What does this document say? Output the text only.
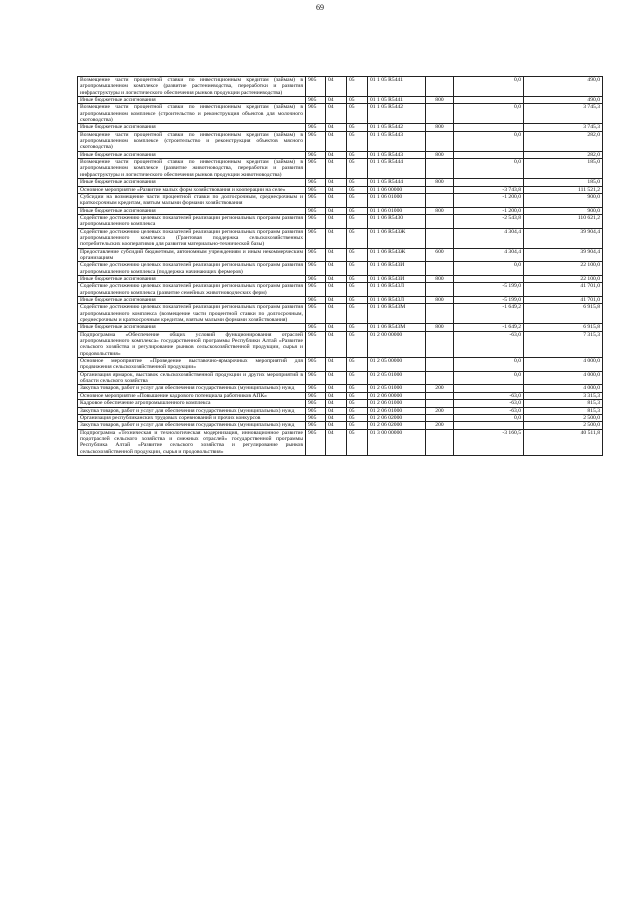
69
Возмещение части процентной ставки по инвестиционным кредитам (займам) в агропромышленном комплексе (развитие растениеводства, переработки и развития инфраструктуры и логистического обеспечения рынков продукции растениеводства)	905	04	05	01 1 05 R5441		0,0	490,0
Иные бюджетные ассигнования	905	04	05	01 1 05 R5441	800		490,0
Возмещение части процентной ставки по инвестиционным кредитам (займам) в агропромышленном комплексе (строительство и реконструкция объектов для молочного скотоводства)	905	04	05	01 1 05 R5442		0,0	3 745,3
Иные бюджетные ассигнования	905	04	05	01 1 05 R5442	800		3 745,3
Возмещение части процентной ставки по инвестиционным кредитам (займам) в агропромышленном комплексе (строительство и реконструкция объектов мясного скотоводства)	905	04	05	01 1 05 R5443		0,0	282,0
Иные бюджетные ассигнования	905	04	05	01 1 05 R5443	800		282,0
Возмещение части процентной ставки по инвестиционным кредитам (займам) в агропромышленном комплексе (развитие животноводства, переработки и развития инфраструктуры и логистического обеспечения рынков продукции животноводства)	905	04	05	01 1 05 R5444		0,0	185,0
Иные бюджетные ассигнования	905	04	05	01 1 05 R5444	800		185,0
Основное мероприятие «Развитие малых форм хозяйствования и кооперации на селе»	905	04	05	01 1 06 00000		-3 743,8	111 521,2
Субсидии на возмещение части процентной ставки по долгосрочным, среднесрочным и краткосрочным кредитам, взятым малыми формами хозяйствования	905	04	05	01 1 06 01000		-1 200,0	900,0
Иные бюджетные ассигнования	905	04	05	01 1 06 01000	800	-1 200,0	900,0
Содействие достижению целевых показателей реализации региональных программ развития агропромышленного комплекса	905	04	05	01 1 06 R5430		-2 543,8	110 621,2
Содействие достижению целевых показателей реализации региональных программ развития агропромышленного комплекса (Грантовая поддержка сельскохозяйственных потребительских кооперативов для развития материально-технической базы)	905	04	05	01 1 06 R543Ж		4 304,4	39 904,4
Предоставление субсидий бюджетным, автономным учреждениям и иным некоммерческим организациям	905	04	05	01 1 06 R543Ж	600	4 304,4	39 904,4
Содействие достижению целевых показателей реализации региональных программ развития агропромышленного комплекса (поддержка начинающих фермеров)	905	04	05	01 1 06 R543И		0,0	22 100,0
Иные бюджетные ассигнования	905	04	05	01 1 06 R543И	800		22 100,0
Содействие достижению целевых показателей реализации региональных программ развития агропромышленного комплекса (развитие семейных животноводческих ферм)	905	04	05	01 1 06 R543Л		-5 199,0	41 701,0
Иные бюджетные ассигнования	905	04	05	01 1 06 R543Л	800	-5 199,0	41 701,0
Содействие достижению целевых показателей реализации региональных программ развития агропромышленного комплекса (возмещение части процентной ставки по долгосрочным, среднесрочным и краткосрочным кредитам, взятым малыми формами хозяйствования)	905	04	05	01 1 06 R543М		-1 649,2	6 915,8
Иные бюджетные ассигнования	905	04	05	01 1 06 R543М	800	-1 649,2	6 915,8
Подпрограмма «Обеспечение общих условий функционирования отраслей агропромышленного комплекса» государственной программы Республики Алтай «Развитие сельского хозяйства и регулирование рынков сельскохозяйственной продукции, сырья и продовольствия»	905	04	05	01 2 00 00000		-63,0	7 315,3
Основное мероприятие «Проведение выставочно-ярмарочных мероприятий для продвижения сельскохозяйственной продукции»	905	04	05	01 2 05 00000		0,0	4 000,0
Организация ярмарок, выставок сельскохозяйственной продукции и других мероприятий в области сельского хозяйства	905	04	05	01 2 05 01000		0,0	4 000,0
Закупка товаров, работ и услуг для обеспечения государственных (муниципальных) нужд	905	04	05	01 2 05 01000	200		4 000,0
Основное мероприятие «Повышение кадрового потенциала работников АПК»	905	04	05	01 2 06 00000		-63,0	3 315,3
Кадровое обеспечение агропромышленного комплекса	905	04	05	01 2 06 01000		-63,0	815,3
Закупка товаров, работ и услуг для обеспечения государственных (муниципальных) нужд	905	04	05	01 2 06 01000	200	-63,0	815,3
Организация республиканских трудовых соревнований и прочих конкурсов	905	04	05	01 2 06 02000		0,0	2 500,0
Закупка товаров, работ и услуг для обеспечения государственных (муниципальных) нужд	905	04	05	01 2 06 02000	200		2 500,0
Подпрограмма «Техническая и технологическая модернизация, инновационное развитие подотраслей сельского хозяйства и смежных отраслей» государственной программы Республика Алтай «Развитие сельского хозяйства и регулирование рынков сельскохозяйственной продукции, сырья и продовольствия»	905	04	05	01 3 00 00000		-3 160,5	40 511,8
